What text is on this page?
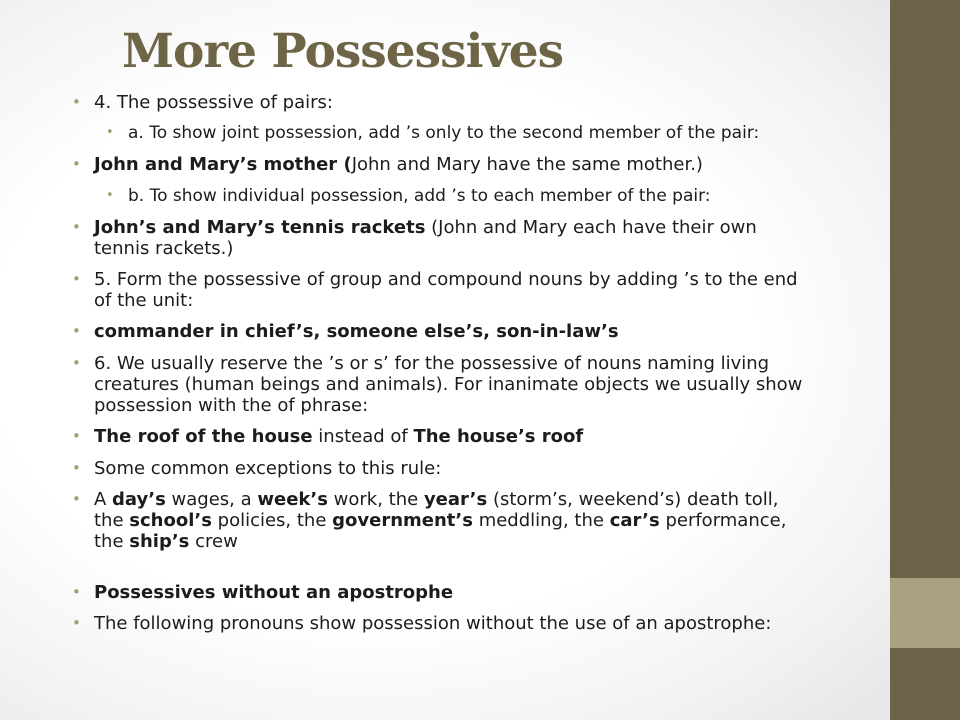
More Possessives
• 4. The possessive of pairs:
• a. To show joint possession, add ’s only to the second member of the pair:
• John and Mary’s mother (John and Mary have the same mother.)
• b. To show individual possession, add ’s to each member of the pair:
• John’s and Mary’s tennis rackets (John and Mary each have their own tennis rackets.)
• 5. Form the possessive of group and compound nouns by adding ’s to the end of the unit:
• commander in chief’s, someone else’s, son-in-law’s
• 6. We usually reserve the ’s or s’ for the possessive of nouns naming living creatures (human beings and animals). For inanimate objects we usually show possession with the of phrase:
• The roof of the house instead of The house’s roof
• Some common exceptions to this rule:
• A day’s wages, a week’s work, the year’s (storm’s, weekend’s) death toll, the school’s policies, the government’s meddling, the car’s performance, the ship’s crew
• Possessives without an apostrophe
• The following pronouns show possession without the use of an apostrophe:
